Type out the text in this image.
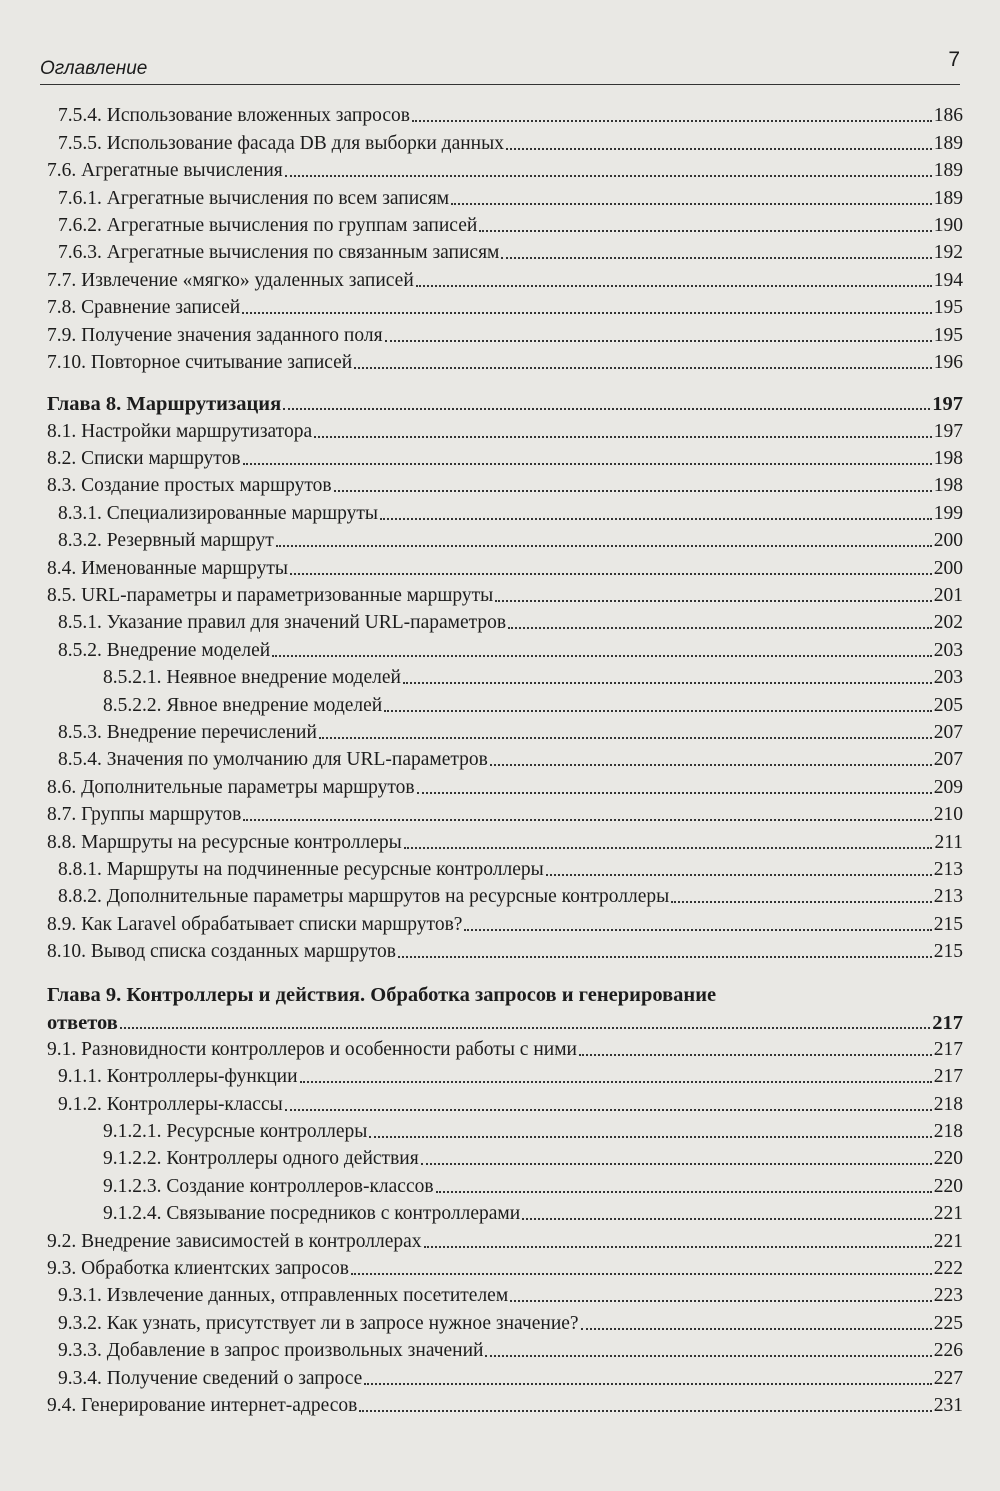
Оглавление	7
7.5.4. Использование вложенных запросов	186
7.5.5. Использование фасада DB для выборки данных	189
7.6. Агрегатные вычисления	189
7.6.1. Агрегатные вычисления по всем записям	189
7.6.2. Агрегатные вычисления по группам записей	190
7.6.3. Агрегатные вычисления по связанным записям	192
7.7. Извлечение «мягко» удаленных записей	194
7.8. Сравнение записей	195
7.9. Получение значения заданного поля	195
7.10. Повторное считывание записей	196
Глава 8. Маршрутизация	197
8.1. Настройки маршрутизатора	197
8.2. Списки маршрутов	198
8.3. Создание простых маршрутов	198
8.3.1. Специализированные маршруты	199
8.3.2. Резервный маршрут	200
8.4. Именованные маршруты	200
8.5. URL-параметры и параметризованные маршруты	201
8.5.1. Указание правил для значений URL-параметров	202
8.5.2. Внедрение моделей	203
8.5.2.1. Неявное внедрение моделей	203
8.5.2.2. Явное внедрение моделей	205
8.5.3. Внедрение перечислений	207
8.5.4. Значения по умолчанию для URL-параметров	207
8.6. Дополнительные параметры маршрутов	209
8.7. Группы маршрутов	210
8.8. Маршруты на ресурсные контроллеры	211
8.8.1. Маршруты на подчиненные ресурсные контроллеры	213
8.8.2. Дополнительные параметры маршрутов на ресурсные контроллеры	213
8.9. Как Laravel обрабатывает списки маршрутов?	215
8.10. Вывод списка созданных маршрутов	215
Глава 9. Контроллеры и действия. Обработка запросов и генерирование
ответов	217
9.1. Разновидности контроллеров и особенности работы с ними	217
9.1.1. Контроллеры-функции	217
9.1.2. Контроллеры-классы	218
9.1.2.1. Ресурсные контроллеры	218
9.1.2.2. Контроллеры одного действия	220
9.1.2.3. Создание контроллеров-классов	220
9.1.2.4. Связывание посредников с контроллерами	221
9.2. Внедрение зависимостей в контроллерах	221
9.3. Обработка клиентских запросов	222
9.3.1. Извлечение данных, отправленных посетителем	223
9.3.2. Как узнать, присутствует ли в запросе нужное значение?	225
9.3.3. Добавление в запрос произвольных значений	226
9.3.4. Получение сведений о запросе	227
9.4. Генерирование интернет-адресов	231
